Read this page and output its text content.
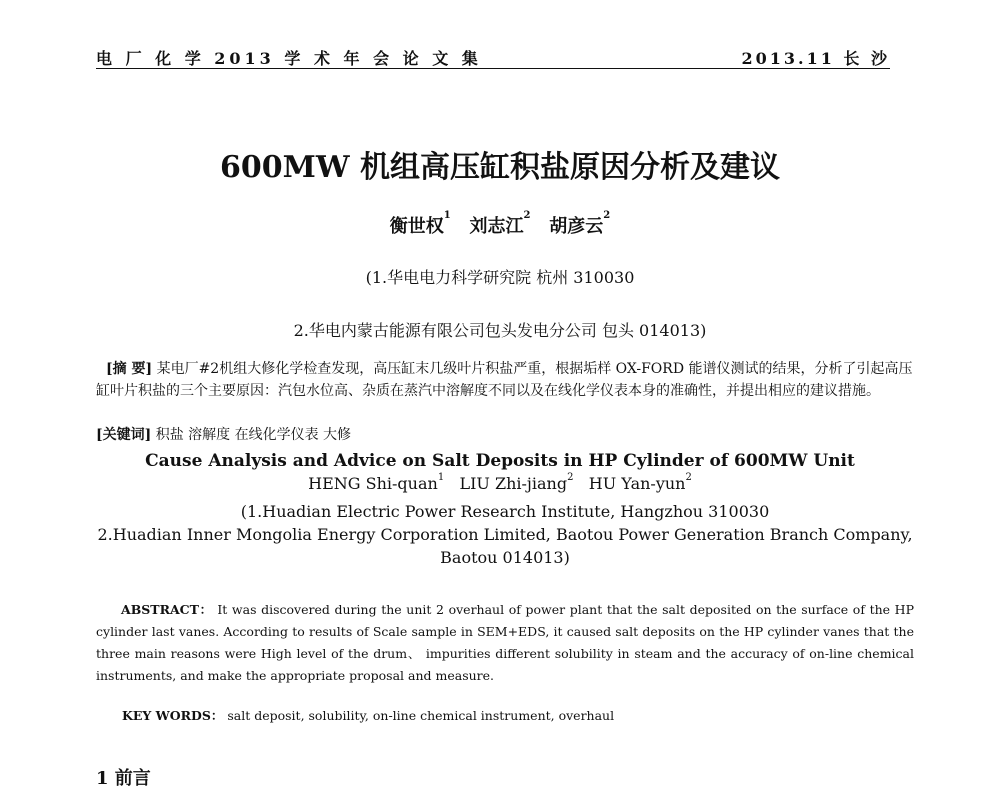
电 厂 化 学 2013 学 术 年 会 论 文 集	2013.11 长 沙
600MW 机组高压缸积盐原因分析及建议
衡世权$^1$   刘志江$^2$   胡彦云$^2$
(1.华电电力科学研究院 杭州 310030
2.华电内蒙古能源有限公司包头发电分公司 包头 014013)
[摘 要] 某电厂#2机组大修化学检查发现，高压缸末几级叶片积盐严重，根据垢样 OX-FORD 能谱仪测试的结果，分析了引起高压缸叶片积盐的三个主要原因：汽包水位高、杂质在蒸汽中溶解度不同以及在线化学仪表本身的准确性，并提出相应的建议措施。
[关键词] 积盐 溶解度 在线化学仪表 大修
Cause Analysis and Advice on Salt Deposits in HP Cylinder of 600MW Unit
HENG Shi-quan$^1$ LIU Zhi-jiang$^2$ HU Yan-yun$^2$
(1.Huadian Electric Power Research Institute, Hangzhou 310030
2.Huadian Inner Mongolia Energy Corporation Limited, Baotou Power Generation Branch Company, Baotou 014013)
ABSTRACT： It was discovered during the unit 2 overhaul of power plant that the salt deposited on the surface of the HP cylinder last vanes. According to results of Scale sample in SEM+EDS, it caused salt deposits on the HP cylinder vanes that the three main reasons were High level of the drum、 impurities different solubility in steam and the accuracy of on-line chemical instruments, and make the appropriate proposal and measure.
KEY WORDS： salt deposit, solubility, on-line chemical instrument, overhaul
1 前言
